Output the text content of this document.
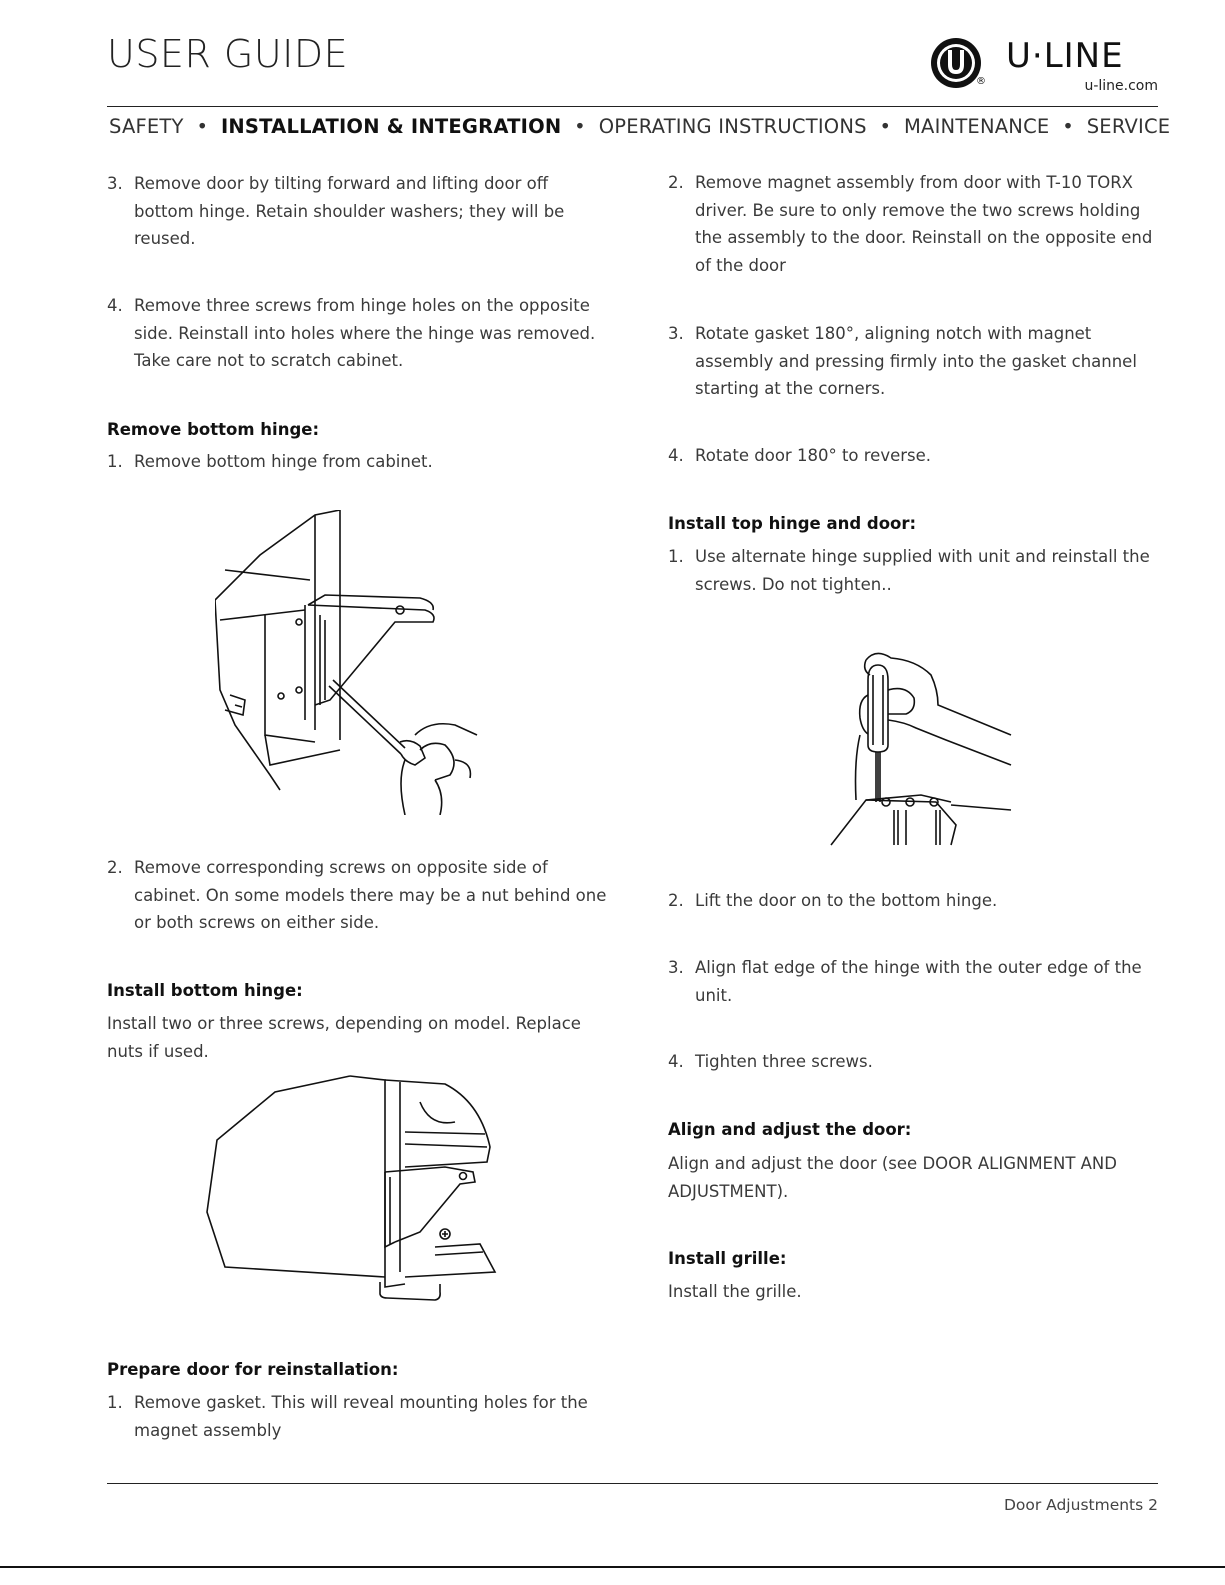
USER GUIDE
®
U·LINE
u-line.com
SAFETY  •  INSTALLATION & INTEGRATION  •  OPERATING INSTRUCTIONS  •  MAINTENANCE  •  SERVICE
3. Remove door by tilting forward and lifting door off bottom hinge. Retain shoulder washers; they will be reused.
4. Remove three screws from hinge holes on the opposite side. Reinstall into holes where the hinge was removed. Take care not to scratch cabinet.
Remove bottom hinge:
1. Remove bottom hinge from cabinet.
2. Remove corresponding screws on opposite side of cabinet. On some models there may be a nut behind one or both screws on either side.
Install bottom hinge:
Install two or three screws, depending on model. Replace nuts if used.
Prepare door for reinstallation:
1. Remove gasket. This will reveal mounting holes for the magnet assembly
2. Remove magnet assembly from door with T-10 TORX driver. Be sure to only remove the two screws holding the assembly to the door. Reinstall on the opposite end of the door
3. Rotate gasket 180°, aligning notch with magnet assembly and pressing firmly into the gasket channel starting at the corners.
4. Rotate door 180° to reverse.
Install top hinge and door:
1. Use alternate hinge supplied with unit and reinstall the screws. Do not tighten..
2. Lift the door on to the bottom hinge.
3. Align flat edge of the hinge with the outer edge of the unit.
4. Tighten three screws.
Align and adjust the door:
Align and adjust the door (see DOOR ALIGNMENT AND ADJUSTMENT).
Install grille:
Install the grille.
Door Adjustments 2
